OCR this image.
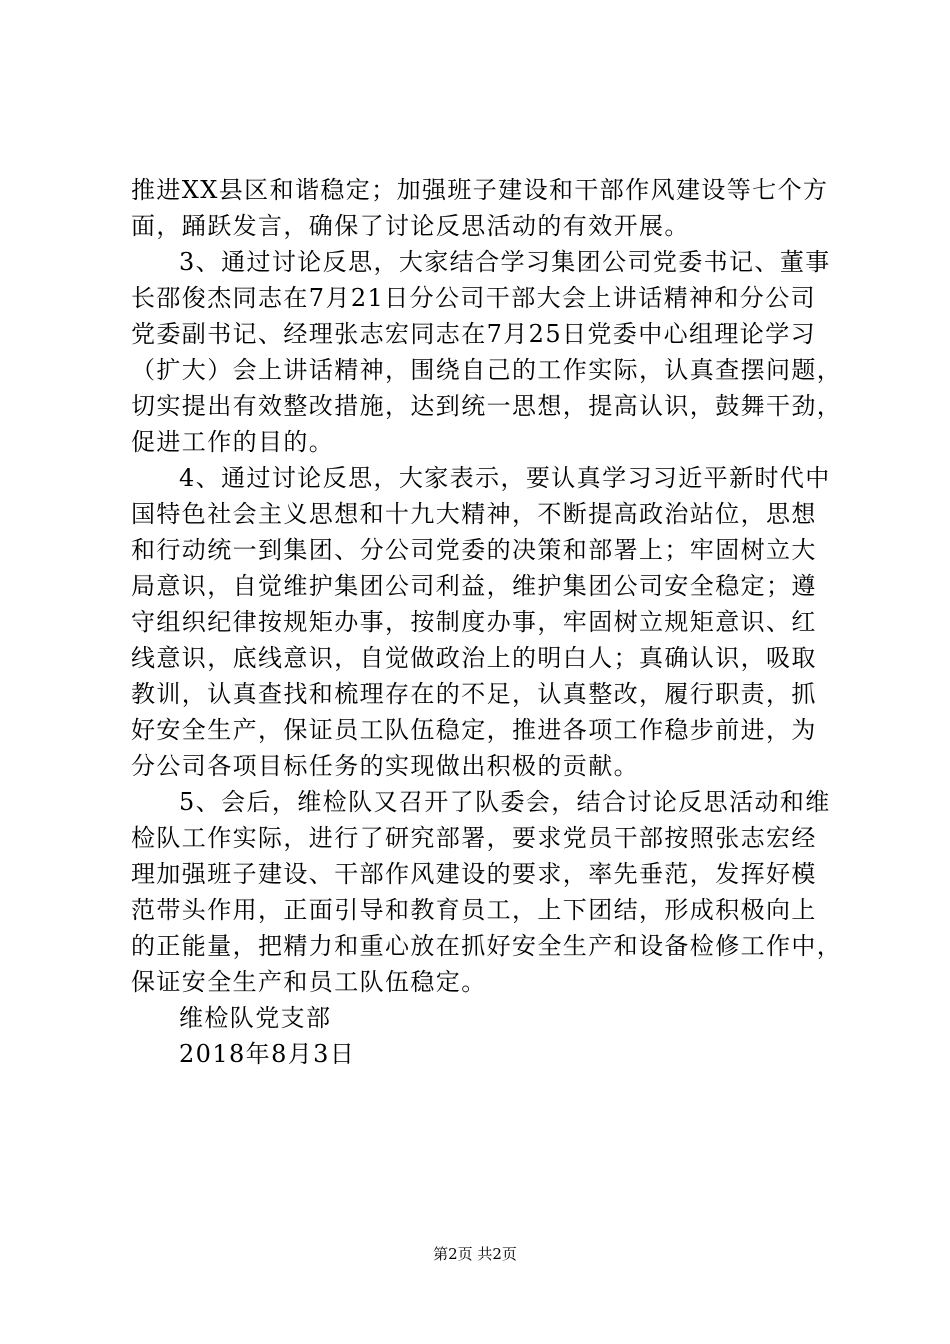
推进XX县区和谐稳定；加强班子建设和干部作风建设等七个方
面，踊跃发言，确保了讨论反思活动的有效开展。
3、通过讨论反思，大家结合学习集团公司党委书记、董事
长邵俊杰同志在7月21日分公司干部大会上讲话精神和分公司
党委副书记、经理张志宏同志在7月25日党委中心组理论学习
（扩大）会上讲话精神，围绕自己的工作实际，认真查摆问题，
切实提出有效整改措施，达到统一思想，提高认识，鼓舞干劲，
促进工作的目的。
4、通过讨论反思，大家表示，要认真学习习近平新时代中
国特色社会主义思想和十九大精神，不断提高政治站位，思想
和行动统一到集团、分公司党委的决策和部署上；牢固树立大
局意识，自觉维护集团公司利益，维护集团公司安全稳定；遵
守组织纪律按规矩办事，按制度办事，牢固树立规矩意识、红
线意识，底线意识，自觉做政治上的明白人；真确认识，吸取
教训，认真查找和梳理存在的不足，认真整改，履行职责，抓
好安全生产，保证员工队伍稳定，推进各项工作稳步前进，为
分公司各项目标任务的实现做出积极的贡献。
5、会后，维检队又召开了队委会，结合讨论反思活动和维
检队工作实际，进行了研究部署，要求党员干部按照张志宏经
理加强班子建设、干部作风建设的要求，率先垂范，发挥好模
范带头作用，正面引导和教育员工，上下团结，形成积极向上
的正能量，把精力和重心放在抓好安全生产和设备检修工作中，
保证安全生产和员工队伍稳定。
维检队党支部
2018年8月3日
第2页 共2页
